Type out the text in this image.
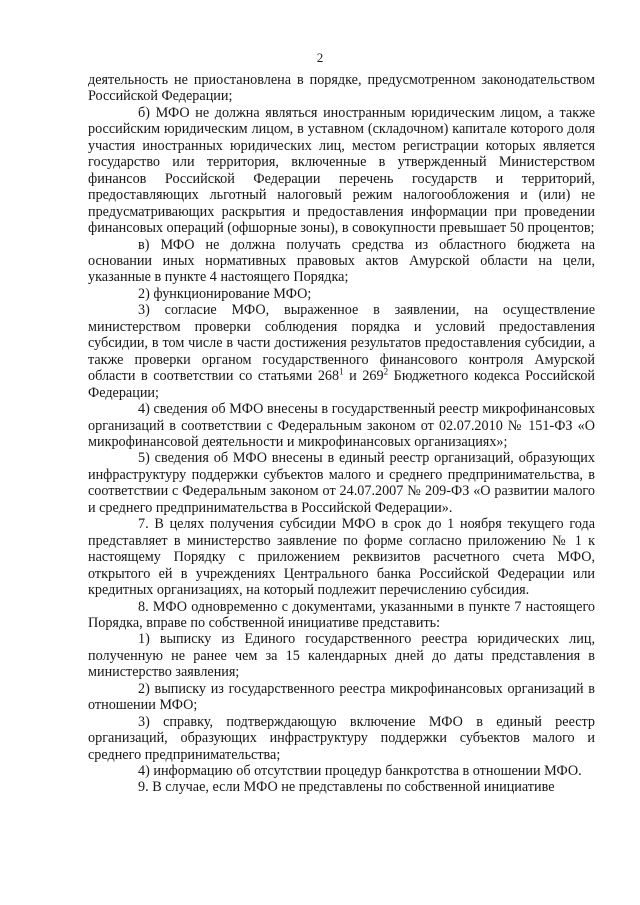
2

деятельность не приостановлена в порядке, предусмотренном законодательством Российской Федерации;

б) МФО не должна являться иностранным юридическим лицом, а также российским юридическим лицом, в уставном (складочном) капитале которого доля участия иностранных юридических лиц, местом регистрации которых является государство или территория, включенные в утвержденный Министерством финансов Российской Федерации перечень государств и территорий, предоставляющих льготный налоговый режим налогообложения и (или) не предусматривающих раскрытия и предоставления информации при проведении финансовых операций (офшорные зоны), в совокупности превышает 50 процентов;

в) МФО не должна получать средства из областного бюджета на основании иных нормативных правовых актов Амурской области на цели, указанные в пункте 4 настоящего Порядка;

2) функционирование МФО;

3) согласие МФО, выраженное в заявлении, на осуществление министерством проверки соблюдения порядка и условий предоставления субсидии, в том числе в части достижения результатов предоставления субсидии, а также проверки органом государственного финансового контроля Амурской области в соответствии со статьями $268^1$ и $269^2$ Бюджетного кодекса Российской Федерации;

4) сведения об МФО внесены в государственный реестр микрофинансовых организаций в соответствии с Федеральным законом от 02.07.2010 № 151-ФЗ «О микрофинансовой деятельности и микрофинансовых организациях»;

5) сведения об МФО внесены в единый реестр организаций, образующих инфраструктуру поддержки субъектов малого и среднего предпринимательства, в соответствии с Федеральным законом от 24.07.2007 № 209-ФЗ «О развитии малого и среднего предпринимательства в Российской Федерации».

7. В целях получения субсидии МФО в срок до 1 ноября текущего года представляет в министерство заявление по форме согласно приложению № 1 к настоящему Порядку с приложением реквизитов расчетного счета МФО, открытого ей в учреждениях Центрального банка Российской Федерации или кредитных организациях, на который подлежит перечислению субсидия.

8. МФО одновременно с документами, указанными в пункте 7 настоящего Порядка, вправе по собственной инициативе представить:

1) выписку из Единого государственного реестра юридических лиц, полученную не ранее чем за 15 календарных дней до даты представления в министерство заявления;

2) выписку из государственного реестра микрофинансовых организаций в отношении МФО;

3) справку, подтверждающую включение МФО в единый реестр организаций, образующих инфраструктуру поддержки субъектов малого и среднего предпринимательства;

4) информацию об отсутствии процедур банкротства в отношении МФО.

9. В случае, если МФО не представлены по собственной инициативе
